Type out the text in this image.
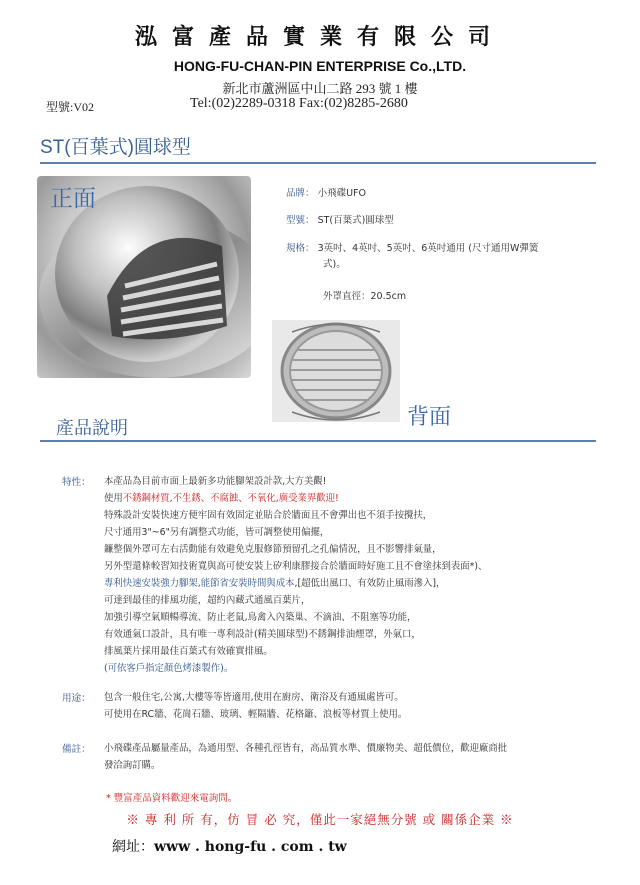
泓富產品實業有限公司
HONG-FU-CHAN-PIN ENTERPRISE Co.,LTD.
新北市蘆洲區中山二路 293 號 1 樓
型號:V02	Tel:(02)2289-0318 Fax:(02)8285-2680
ST(百葉式)圓球型
正面	品牌： 小飛碟UFO
型號： ST(百葉式)圓球型
規格： 3英吋、4英吋、5英吋、6英吋通用 (尺寸通用W彈簧
式)。
外罩直徑：20.5cm
背面
產品說明
特性： 本產品為目前市面上最新多功能腳架設計款,大方美觀!
使用不銹鋼材質,不生銹、不腐蝕、不氧化,廣受業界歡迎!
特殊設計安裝快速方便牢固有效固定並貼合於牆面且不會彈出也不須手按攪扶，
尺寸通用3"~6"另有調整式功能，皆可調整使用偏擺，
鐮整個外罩可左右活動能有效避免克服修節預留孔之孔偏情況，且不影響排氣量，
另外型還條較習知技術寬與高可使安裝上矽利康膠接合於牆面時好施工且不會塗抹到表面*)、
專利快速安裝強力腳架,能節省安裝時間與成本,[超低出風口、有效防止風雨滲入]，
可達到最佳的排風功能，超約內藏式通風百葉片，
加強引導空氣順暢導流、防止老鼠,鳥禽入內築巢、不滴油、不阻塞等功能，
有效通氣口設計，具有唯一專利設計(精美圓球型)不銹鋼排油煙罩，外氣口，
排風葉片採用最佳百葉式有效確實排風。
(可依客戶指定顏色烤漆製作)。
用途： 包含一般住宅,公寓,大樓等等皆適用,使用在廚房、衛浴及有通風處皆可。
可使用在RC牆、花崗石牆、玻璃、輕隔牆、花格籬、浪板等材質上使用。
備註： 小飛碟產品屬量產品，為通用型、各種孔徑皆有，高品質水準、價廉物美、超低價位，歡迎廠商批
發洽詢訂購。
* 豐富產品資料歡迎來電詢問。
※ 專 利 所 有，仿 冒 必 究，僅此一家絕無分號 或 關係企業 ※
網址：www . hong-fu . com . tw
